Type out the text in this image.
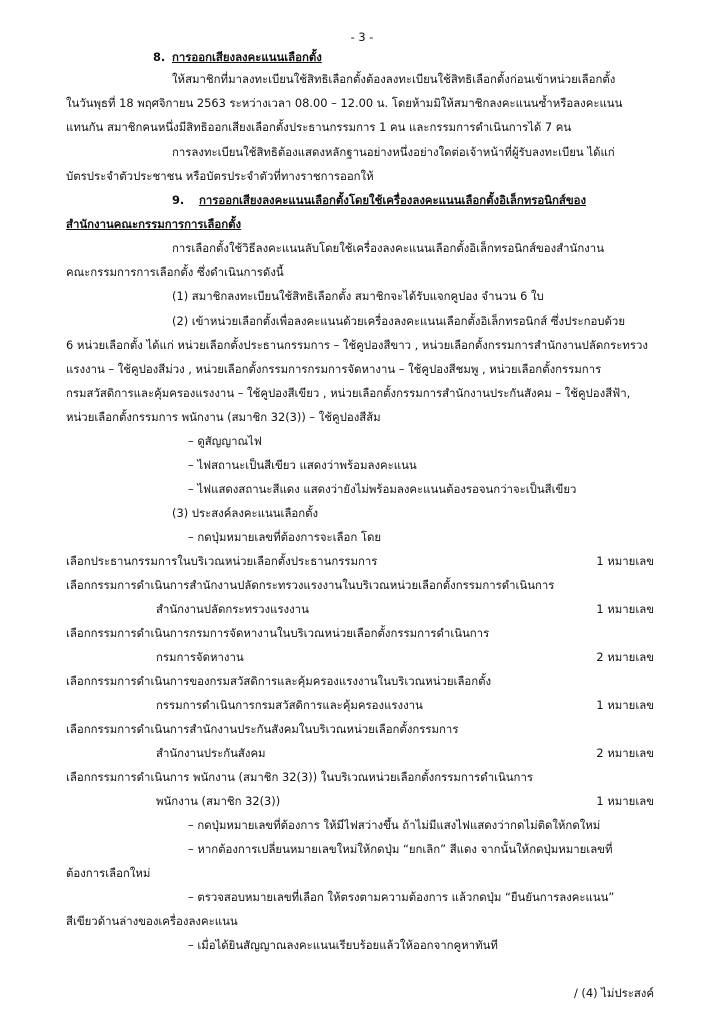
- 3 -
8. การออกเสียงลงคะแนนเลือกตั้ง
ให้สมาชิกที่มาลงทะเบียนใช้สิทธิเลือกตั้งต้องลงทะเบียนใช้สิทธิเลือกตั้งก่อนเข้าหน่วยเลือกตั้ง
ในวันพุธที่ 18 พฤศจิกายน 2563 ระหว่างเวลา 08.00 – 12.00 น. โดยห้ามมิให้สมาชิกลงคะแนนซ้ำหรือลงคะแนน
แทนกัน สมาชิกคนหนึ่งมีสิทธิออกเสียงเลือกตั้งประธานกรรมการ 1 คน และกรรมการดำเนินการได้ 7 คน
การลงทะเบียนใช้สิทธิต้องแสดงหลักฐานอย่างหนึ่งอย่างใดต่อเจ้าหน้าที่ผู้รับลงทะเบียน ได้แก่
บัตรประจำตัวประชาชน หรือบัตรประจำตัวที่ทางราชการออกให้
9. การออกเสียงลงคะแนนเลือกตั้งโดยใช้เครื่องลงคะแนนเลือกตั้งอิเล็กทรอนิกส์ของ
สำนักงานคณะกรรมการการเลือกตั้ง
การเลือกตั้งใช้วิธีลงคะแนนลับโดยใช้เครื่องลงคะแนนเลือกตั้งอิเล็กทรอนิกส์ของสำนักงาน
คณะกรรมการการเลือกตั้ง ซึ่งดำเนินการดังนี้
(1) สมาชิกลงทะเบียนใช้สิทธิเลือกตั้ง สมาชิกจะได้รับแจกคูปอง จำนวน 6 ใบ
(2) เข้าหน่วยเลือกตั้งเพื่อลงคะแนนด้วยเครื่องลงคะแนนเลือกตั้งอิเล็กทรอนิกส์ ซึ่งประกอบด้วย
6 หน่วยเลือกตั้ง ได้แก่ หน่วยเลือกตั้งประธานกรรมการ – ใช้คูปองสีขาว , หน่วยเลือกตั้งกรรมการสำนักงานปลัดกระทรวง
แรงงาน – ใช้คูปองสีม่วง , หน่วยเลือกตั้งกรรมการกรมการจัดหางาน – ใช้คูปองสีชมพู , หน่วยเลือกตั้งกรรมการ
กรมสวัสดิการและคุ้มครองแรงงาน – ใช้คูปองสีเขียว , หน่วยเลือกตั้งกรรมการสำนักงานประกันสังคม – ใช้คูปองสีฟ้า,
หน่วยเลือกตั้งกรรมการ พนักงาน (สมาชิก 32(3)) – ใช้คูปองสีส้ม
– ดูสัญญาณไฟ
– ไฟสถานะเป็นสีเขียว แสดงว่าพร้อมลงคะแนน
– ไฟแสดงสถานะสีแดง แสดงว่ายังไม่พร้อมลงคะแนนต้องรอจนกว่าจะเป็นสีเขียว
(3) ประสงค์ลงคะแนนเลือกตั้ง
– กดปุ่มหมายเลขที่ต้องการจะเลือก โดย
เลือกประธานกรรมการในบริเวณหน่วยเลือกตั้งประธานกรรมการ	1 หมายเลข
เลือกกรรมการดำเนินการสำนักงานปลัดกระทรวงแรงงานในบริเวณหน่วยเลือกตั้งกรรมการดำเนินการ
สำนักงานปลัดกระทรวงแรงงาน	1 หมายเลข
เลือกกรรมการดำเนินการกรมการจัดหางานในบริเวณหน่วยเลือกตั้งกรรมการดำเนินการ
กรมการจัดหางาน	2 หมายเลข
เลือกกรรมการดำเนินการของกรมสวัสดิการและคุ้มครองแรงงานในบริเวณหน่วยเลือกตั้ง
กรรมการดำเนินการกรมสวัสดิการและคุ้มครองแรงงาน	1 หมายเลข
เลือกกรรมการดำเนินการสำนักงานประกันสังคมในบริเวณหน่วยเลือกตั้งกรรมการ
สำนักงานประกันสังคม	2 หมายเลข
เลือกกรรมการดำเนินการ พนักงาน (สมาชิก 32(3)) ในบริเวณหน่วยเลือกตั้งกรรมการดำเนินการ
พนักงาน (สมาชิก 32(3))	1 หมายเลข
– กดปุ่มหมายเลขที่ต้องการ ให้มีไฟสว่างขึ้น ถ้าไม่มีแสงไฟแสดงว่ากดไม่ติดให้กดใหม่
– หากต้องการเปลี่ยนหมายเลขใหม่ให้กดปุ่ม “ยกเลิก” สีแดง จากนั้นให้กดปุ่มหมายเลขที่
ต้องการเลือกใหม่
– ตรวจสอบหมายเลขที่เลือก ให้ตรงตามความต้องการ แล้วกดปุ่ม “ยืนยันการลงคะแนน”
สีเขียวด้านล่างของเครื่องลงคะแนน
– เมื่อได้ยินสัญญาณลงคะแนนเรียบร้อยแล้วให้ออกจากคูหาทันที
/ (4) ไม่ประสงค์
